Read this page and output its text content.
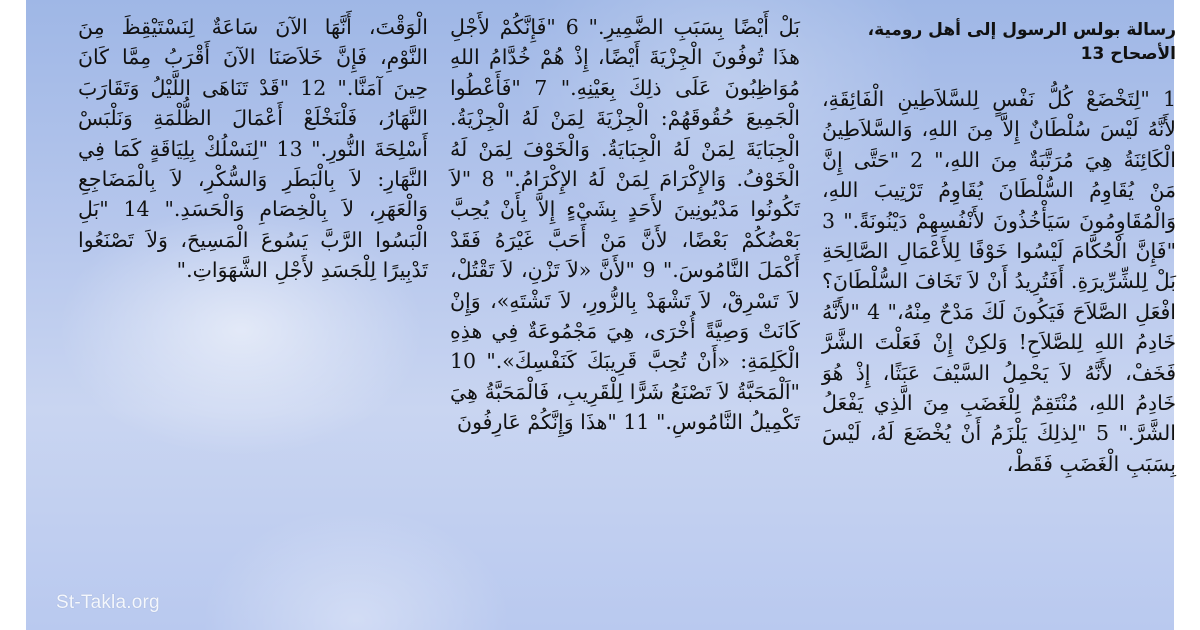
رسالة بولس الرسول إلى أهل رومية،
الأصحاح 13
1 "لِتَخْضَعْ كُلُّ نَفْسٍ لِلسَّلاَطِينِ الْفَائِقَةِ، لأَنَّهُ لَيْسَ سُلْطَانٌ إِلاَّ مِنَ اللهِ، وَالسَّلاَطِينُ الْكَائِنَةُ هِيَ مُرَتَّبَةٌ مِنَ اللهِ،" 2 "حَتَّى إِنَّ مَنْ يُقَاوِمُ السُّلْطَانَ يُقَاوِمُ تَرْتِيبَ اللهِ، وَالْمُقَاوِمُونَ سَيَأْخُذُونَ لأَنْفُسِهِمْ دَيْنُونَةً." 3 "فَإِنَّ الْحُكَّامَ لَيْسُوا خَوْفًا لِلأَعْمَالِ الصَّالِحَةِ بَلْ لِلشِّرِّيرَةِ. أَفَتُرِيدُ أَنْ لاَ تَخَافَ السُّلْطَانَ؟ افْعَلِ الصَّلاَحَ فَيَكُونَ لَكَ مَدْحٌ مِنْهُ،" 4 "لأَنَّهُ خَادِمُ اللهِ لِلصَّلاَحِ! وَلكِنْ إِنْ فَعَلْتَ الشَّرَّ فَخَفْ، لأَنَّهُ لاَ يَحْمِلُ السَّيْفَ عَبَثًا، إِذْ هُوَ خَادِمُ اللهِ، مُنْتَقِمٌ لِلْغَضَبِ مِنَ الَّذِي يَفْعَلُ الشَّرَّ." 5 "لِذلِكَ يَلْزَمُ أَنْ يُخْضَعَ لَهُ، لَيْسَ بِسَبَبِ الْغَضَبِ فَقَطْ،
بَلْ أَيْضًا بِسَبَبِ الضَّمِيرِ." 6 "فَإِنَّكُمْ لأَجْلِ هذَا تُوفُونَ الْجِزْيَةَ أَيْضًا، إِذْ هُمْ خُدَّامُ اللهِ مُوَاظِبُونَ عَلَى ذلِكَ بِعَيْنِهِ." 7 "فَأَعْطُوا الْجَمِيعَ حُقُوقَهُمْ: الْجِزْيَةَ لِمَنْ لَهُ الْجِزْيَةُ. الْجِبَايَةَ لِمَنْ لَهُ الْجِبَايَةُ. وَالْخَوْفَ لِمَنْ لَهُ الْخَوْفُ. وَالإِكْرَامَ لِمَنْ لَهُ الإِكْرَامُ." 8 "لاَ تَكُونُوا مَدْيُونِينَ لأَحَدٍ بِشَيْءٍ إِلاَّ بِأَنْ يُحِبَّ بَعْضُكُمْ بَعْضًا، لأَنَّ مَنْ أَحَبَّ غَيْرَهُ فَقَدْ أَكْمَلَ النَّامُوسَ." 9 "لأَنَّ «لاَ تَزْنِ، لاَ تَقْتُلْ، لاَ تَسْرِقْ، لاَ تَشْهَدْ بِالزُّورِ، لاَ تَشْتَهِ»، وَإِنْ كَانَتْ وَصِيَّةً أُخْرَى، هِيَ مَجْمُوعَةٌ فِي هذِهِ الْكَلِمَةِ: «أَنْ تُحِبَّ قَرِيبَكَ كَنَفْسِكَ»." 10 "اَلْمَحَبَّةُ لاَ تَصْنَعُ شَرًّا لِلْقَرِيبِ، فَالْمَحَبَّةُ هِيَ تَكْمِيلُ النَّامُوسِ." 11 "هذَا وَإِنَّكُمْ عَارِفُونَ
الْوَقْتَ، أَنَّهَا الآنَ سَاعَةٌ لِنَسْتَيْقِظَ مِنَ النَّوْمِ، فَإِنَّ خَلاَصَنَا الآنَ أَقْرَبُ مِمَّا كَانَ حِينَ آمَنَّا." 12 "قَدْ تَنَاهَى اللَّيْلُ وَتَقَارَبَ النَّهَارُ، فَلْنَخْلَعْ أَعْمَالَ الظُّلْمَةِ وَنَلْبَسْ أَسْلِحَةَ النُّورِ." 13 "لِنَسْلُكْ بِلِيَاقَةٍ كَمَا فِي النَّهَارِ: لاَ بِالْبَطَرِ وَالسُّكْرِ، لاَ بِالْمَضَاجِعِ وَالْعَهَرِ، لاَ بِالْخِصَامِ وَالْحَسَدِ." 14 "بَلِ الْبَسُوا الرَّبَّ يَسُوعَ الْمَسِيحَ، وَلاَ تَصْنَعُوا تَدْبِيرًا لِلْجَسَدِ لأَجْلِ الشَّهَوَاتِ."
St-Takla.org
